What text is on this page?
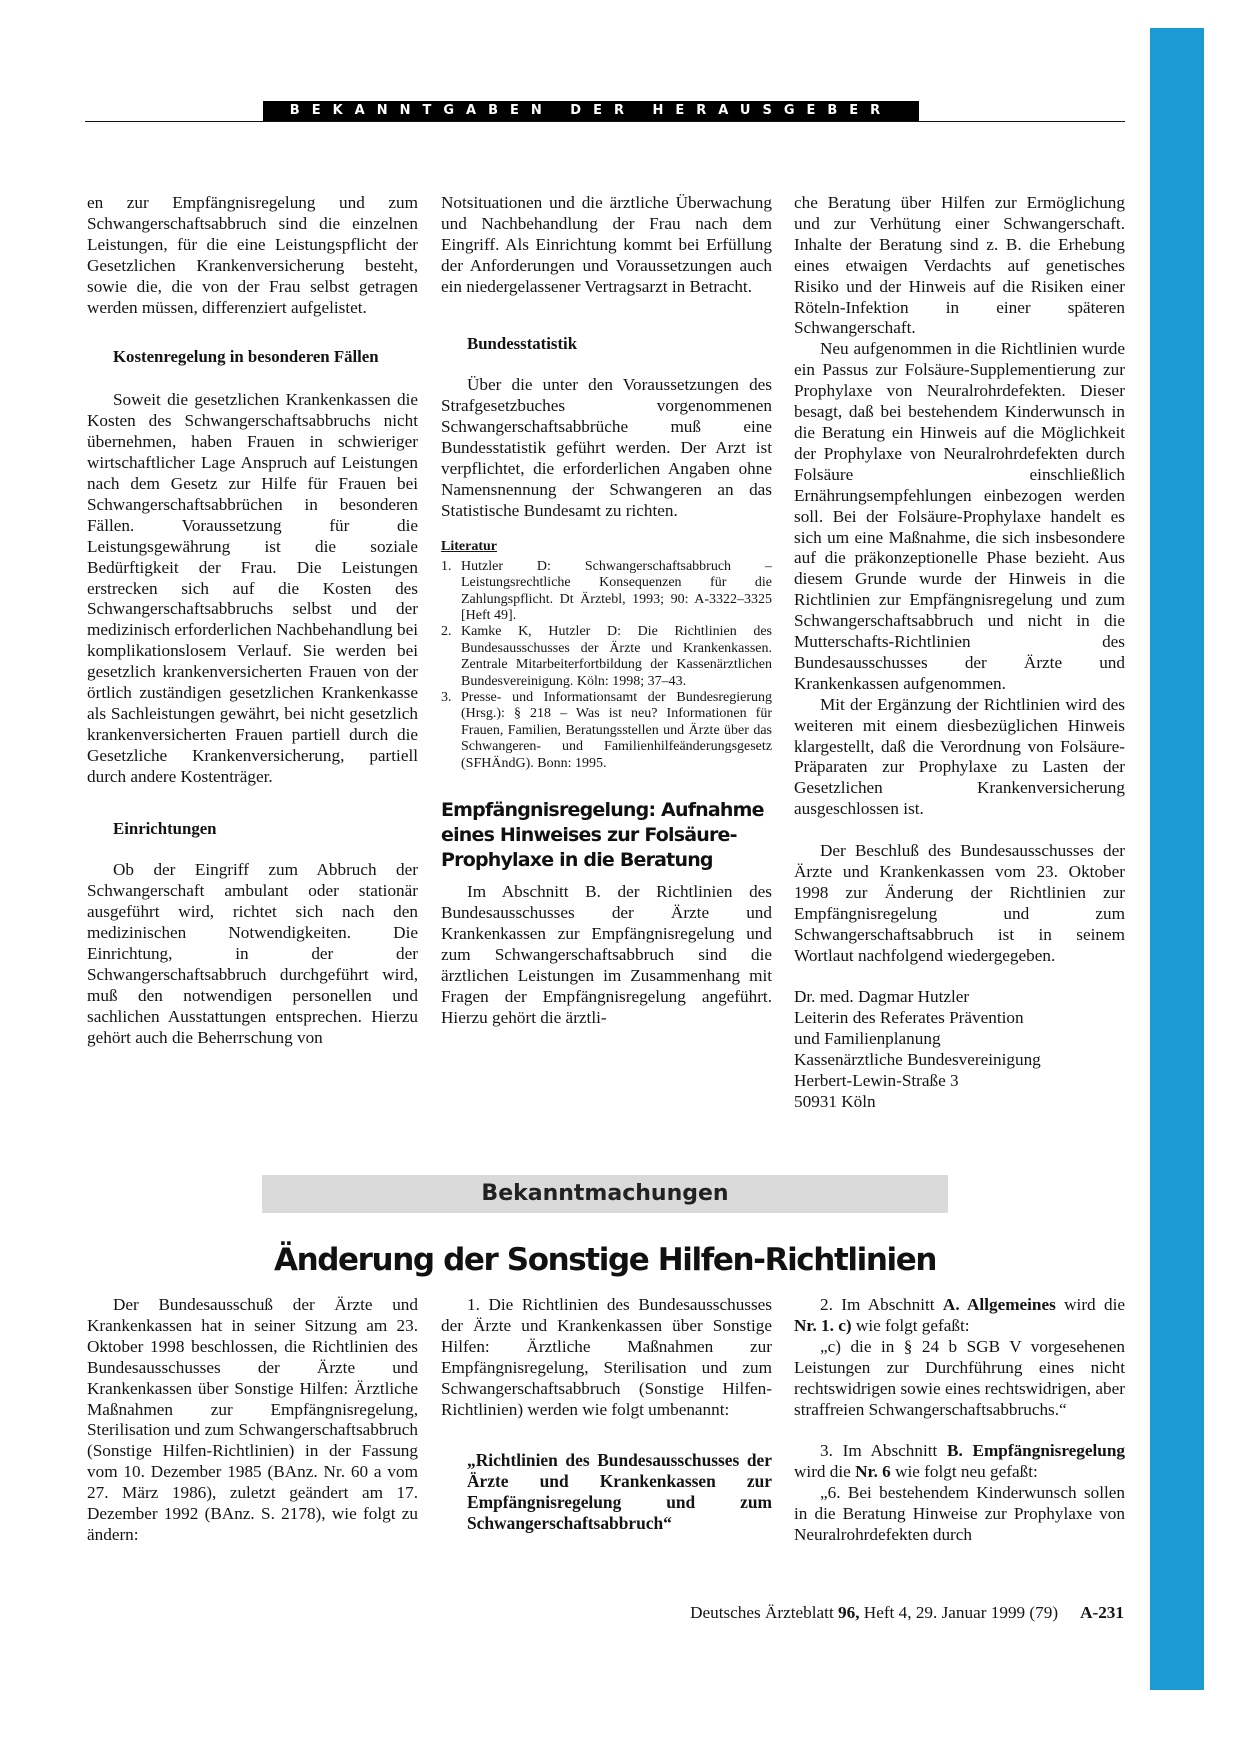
BEKANNTGABEN DER HERAUSGEBER

en zur Empfängnisregelung und zum Schwangerschaftsabbruch sind die einzelnen Leistungen, für die eine Leistungspflicht der Gesetzlichen Krankenversicherung besteht, sowie die, die von der Frau selbst getragen werden müssen, differenziert aufgelistet.

Kostenregelung in besonderen Fällen

Soweit die gesetzlichen Krankenkassen die Kosten des Schwangerschaftsabbruchs nicht übernehmen, haben Frauen in schwieriger wirtschaftlicher Lage Anspruch auf Leistungen nach dem Gesetz zur Hilfe für Frauen bei Schwangerschaftsabbrüchen in besonderen Fällen. Voraussetzung für die Leistungsgewährung ist die soziale Bedürftigkeit der Frau. Die Leistungen erstrecken sich auf die Kosten des Schwangerschaftsabbruchs selbst und der medizinisch erforderlichen Nachbehandlung bei komplikationslosem Verlauf. Sie werden bei gesetzlich krankenversicherten Frauen von der örtlich zuständigen gesetzlichen Krankenkasse als Sachleistungen gewährt, bei nicht gesetzlich krankenversicherten Frauen partiell durch die Gesetzliche Krankenversicherung, partiell durch andere Kostenträger.

Einrichtungen

Ob der Eingriff zum Abbruch der Schwangerschaft ambulant oder stationär ausgeführt wird, richtet sich nach den medizinischen Notwendigkeiten. Die Einrichtung, in der der Schwangerschaftsabbruch durchgeführt wird, muß den notwendigen personellen und sachlichen Ausstattungen entsprechen. Hierzu gehört auch die Beherrschung von

Notsituationen und die ärztliche Überwachung und Nachbehandlung der Frau nach dem Eingriff. Als Einrichtung kommt bei Erfüllung der Anforderungen und Voraussetzungen auch ein niedergelassener Vertragsarzt in Betracht.

Bundesstatistik

Über die unter den Voraussetzungen des Strafgesetzbuches vorgenommenen Schwangerschaftsabbrüche muß eine Bundesstatistik geführt werden. Der Arzt ist verpflichtet, die erforderlichen Angaben ohne Namensnennung der Schwangeren an das Statistische Bundesamt zu richten.

Literatur
1. Hutzler D: Schwangerschaftsabbruch – Leistungsrechtliche Konsequenzen für die Zahlungspflicht. Dt Ärztebl, 1993; 90: A-3322–3325 [Heft 49].
2. Kamke K, Hutzler D: Die Richtlinien des Bundesausschusses der Ärzte und Krankenkassen. Zentrale Mitarbeiterfortbildung der Kassenärztlichen Bundesvereinigung. Köln: 1998; 37–43.
3. Presse- und Informationsamt der Bundesregierung (Hrsg.): § 218 – Was ist neu? Informationen für Frauen, Familien, Beratungsstellen und Ärzte über das Schwangeren- und Familienhilfeänderungsgesetz (SFHÄndG). Bonn: 1995.
Empfängnisregelung: Aufnahme eines Hinweises zur Folsäure-Prophylaxe in die Beratung

Im Abschnitt B. der Richtlinien des Bundesausschusses der Ärzte und Krankenkassen zur Empfängnisregelung und zum Schwangerschaftsabbruch sind die ärztlichen Leistungen im Zusammenhang mit Fragen der Empfängnisregelung angeführt. Hierzu gehört die ärztli-

che Beratung über Hilfen zur Ermöglichung und zur Verhütung einer Schwangerschaft. Inhalte der Beratung sind z. B. die Erhebung eines etwaigen Verdachts auf genetisches Risiko und der Hinweis auf die Risiken einer Röteln-Infektion in einer späteren Schwangerschaft.

Neu aufgenommen in die Richtlinien wurde ein Passus zur Folsäure-Supplementierung zur Prophylaxe von Neuralrohrdefekten. Dieser besagt, daß bei bestehendem Kinderwunsch in die Beratung ein Hinweis auf die Möglichkeit der Prophylaxe von Neuralrohrdefekten durch Folsäure einschließlich Ernährungsempfehlungen einbezogen werden soll. Bei der Folsäure-Prophylaxe handelt es sich um eine Maßnahme, die sich insbesondere auf die präkonzeptionelle Phase bezieht. Aus diesem Grunde wurde der Hinweis in die Richtlinien zur Empfängnisregelung und zum Schwangerschaftsabbruch und nicht in die Mutterschafts-Richtlinien des Bundesausschusses der Ärzte und Krankenkassen aufgenommen.

Mit der Ergänzung der Richtlinien wird des weiteren mit einem diesbezüglichen Hinweis klargestellt, daß die Verordnung von Folsäure-Präparaten zur Prophylaxe zu Lasten der Gesetzlichen Krankenversicherung ausgeschlossen ist.

Der Beschluß des Bundesausschusses der Ärzte und Krankenkassen vom 23. Oktober 1998 zur Änderung der Richtlinien zur Empfängnisregelung und zum Schwangerschaftsabbruch ist in seinem Wortlaut nachfolgend wiedergegeben.

Dr. med. Dagmar Hutzler
Leiterin des Referates Prävention
und Familienplanung
Kassenärztliche Bundesvereinigung
Herbert-Lewin-Straße 3
50931 Köln
Bekanntmachungen
Änderung der Sonstige Hilfen-Richtlinien

Der Bundesausschuß der Ärzte und Krankenkassen hat in seiner Sitzung am 23. Oktober 1998 beschlossen, die Richtlinien des Bundesausschusses der Ärzte und Krankenkassen über Sonstige Hilfen: Ärztliche Maßnahmen zur Empfängnisregelung, Sterilisation und zum Schwangerschaftsabbruch (Sonstige Hilfen-Richtlinien) in der Fassung vom 10. Dezember 1985 (BAnz. Nr. 60 a vom 27. März 1986), zuletzt geändert am 17. Dezember 1992 (BAnz. S. 2178), wie folgt zu ändern:

1. Die Richtlinien des Bundesausschusses der Ärzte und Krankenkassen über Sonstige Hilfen: Ärztliche Maßnahmen zur Empfängnisregelung, Sterilisation und zum Schwangerschaftsabbruch (Sonstige Hilfen-Richtlinien) werden wie folgt umbenannt:

„Richtlinien des Bundesausschusses der Ärzte und Krankenkassen zur Empfängnisregelung und zum Schwangerschaftsabbruch“

2. Im Abschnitt A. Allgemeines wird die Nr. 1. c) wie folgt gefaßt:

„c) die in § 24 b SGB V vorgesehenen Leistungen zur Durchführung eines nicht rechtswidrigen sowie eines rechtswidrigen, aber straffreien Schwangerschaftsabbruchs.“

3. Im Abschnitt B. Empfängnisregelung wird die Nr. 6 wie folgt neu gefaßt:

„6. Bei bestehendem Kinderwunsch sollen in die Beratung Hinweise zur Prophylaxe von Neuralrohrdefekten durch

Deutsches Ärzteblatt 96, Heft 4, 29. Januar 1999 (79) A-231
